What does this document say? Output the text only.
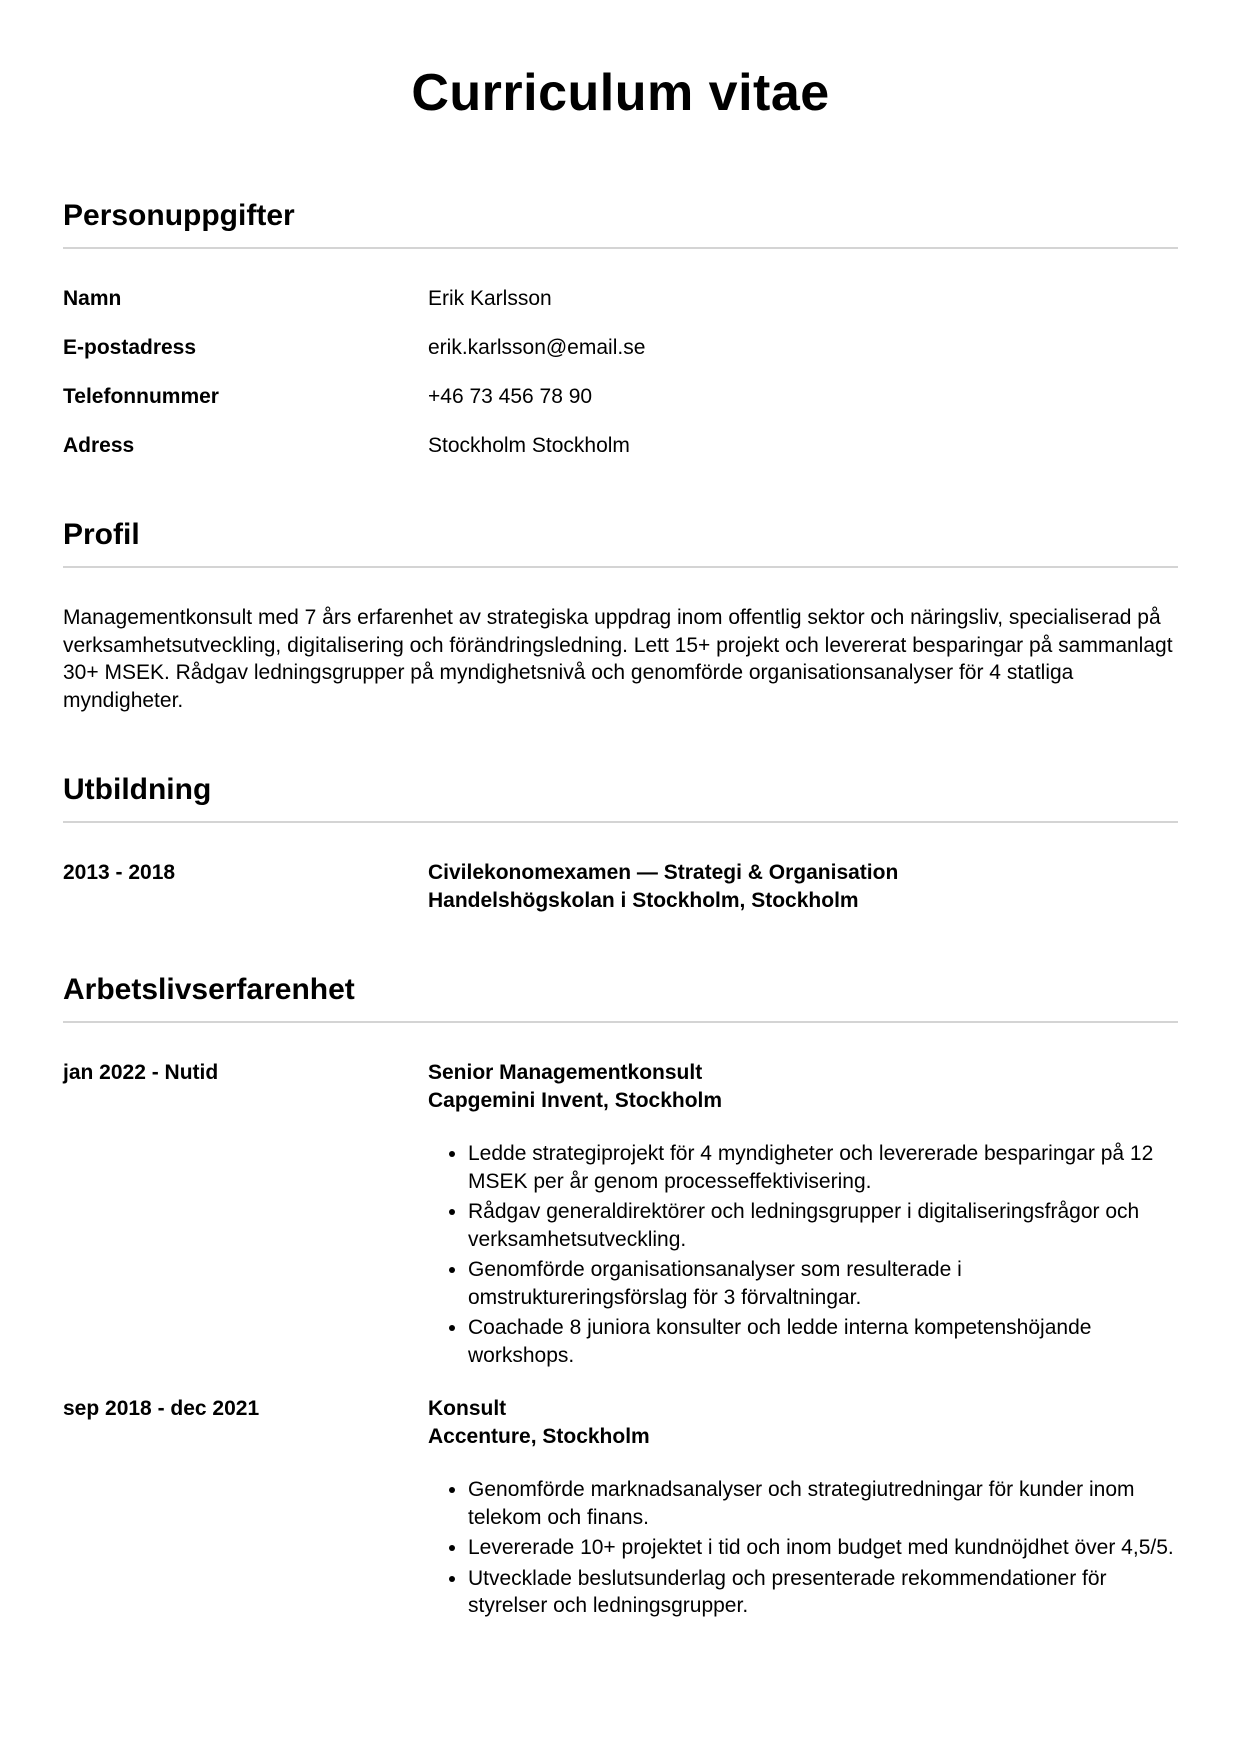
Curriculum vitae
Personuppgifter
Namn	Erik Karlsson
E-postadress	erik.karlsson@email.se
Telefonnummer	+46 73 456 78 90
Adress	Stockholm Stockholm
Profil

Managementkonsult med 7 års erfarenhet av strategiska uppdrag inom offentlig sektor och näringsliv, specialiserad på verksamhetsutveckling, digitalisering och förändringsledning. Lett 15+ projekt och levererat besparingar på sammanlagt 30+ MSEK. Rådgav ledningsgrupper på myndighetsnivå och genomförde organisationsanalyser för 4 statliga myndigheter.

Utbildning
2013 - 2018	Civilekonomexamen — Strategi & Organisation
Handelshögskolan i Stockholm, Stockholm
Arbetslivserfarenhet
jan 2022 - Nutid	Senior Managementkonsult
Capgemini Invent, Stockholm
• Ledde strategiprojekt för 4 myndigheter och levererade besparingar på 12 MSEK per år genom processeffektivisering.
• Rådgav generaldirektörer och ledningsgrupper i digitaliseringsfrågor och verksamhetsutveckling.
• Genomförde organisationsanalyser som resulterade i omstruktureringsförslag för 3 förvaltningar.
• Coachade 8 juniora konsulter och ledde interna kompetenshöjande workshops.
sep 2018 - dec 2021	Konsult
Accenture, Stockholm
• Genomförde marknadsanalyser och strategiutredningar för kunder inom telekom och finans.
• Levererade 10+ projektet i tid och inom budget med kundnöjdhet över 4,5/5.
• Utvecklade beslutsunderlag och presenterade rekommendationer för styrelser och ledningsgrupper.
